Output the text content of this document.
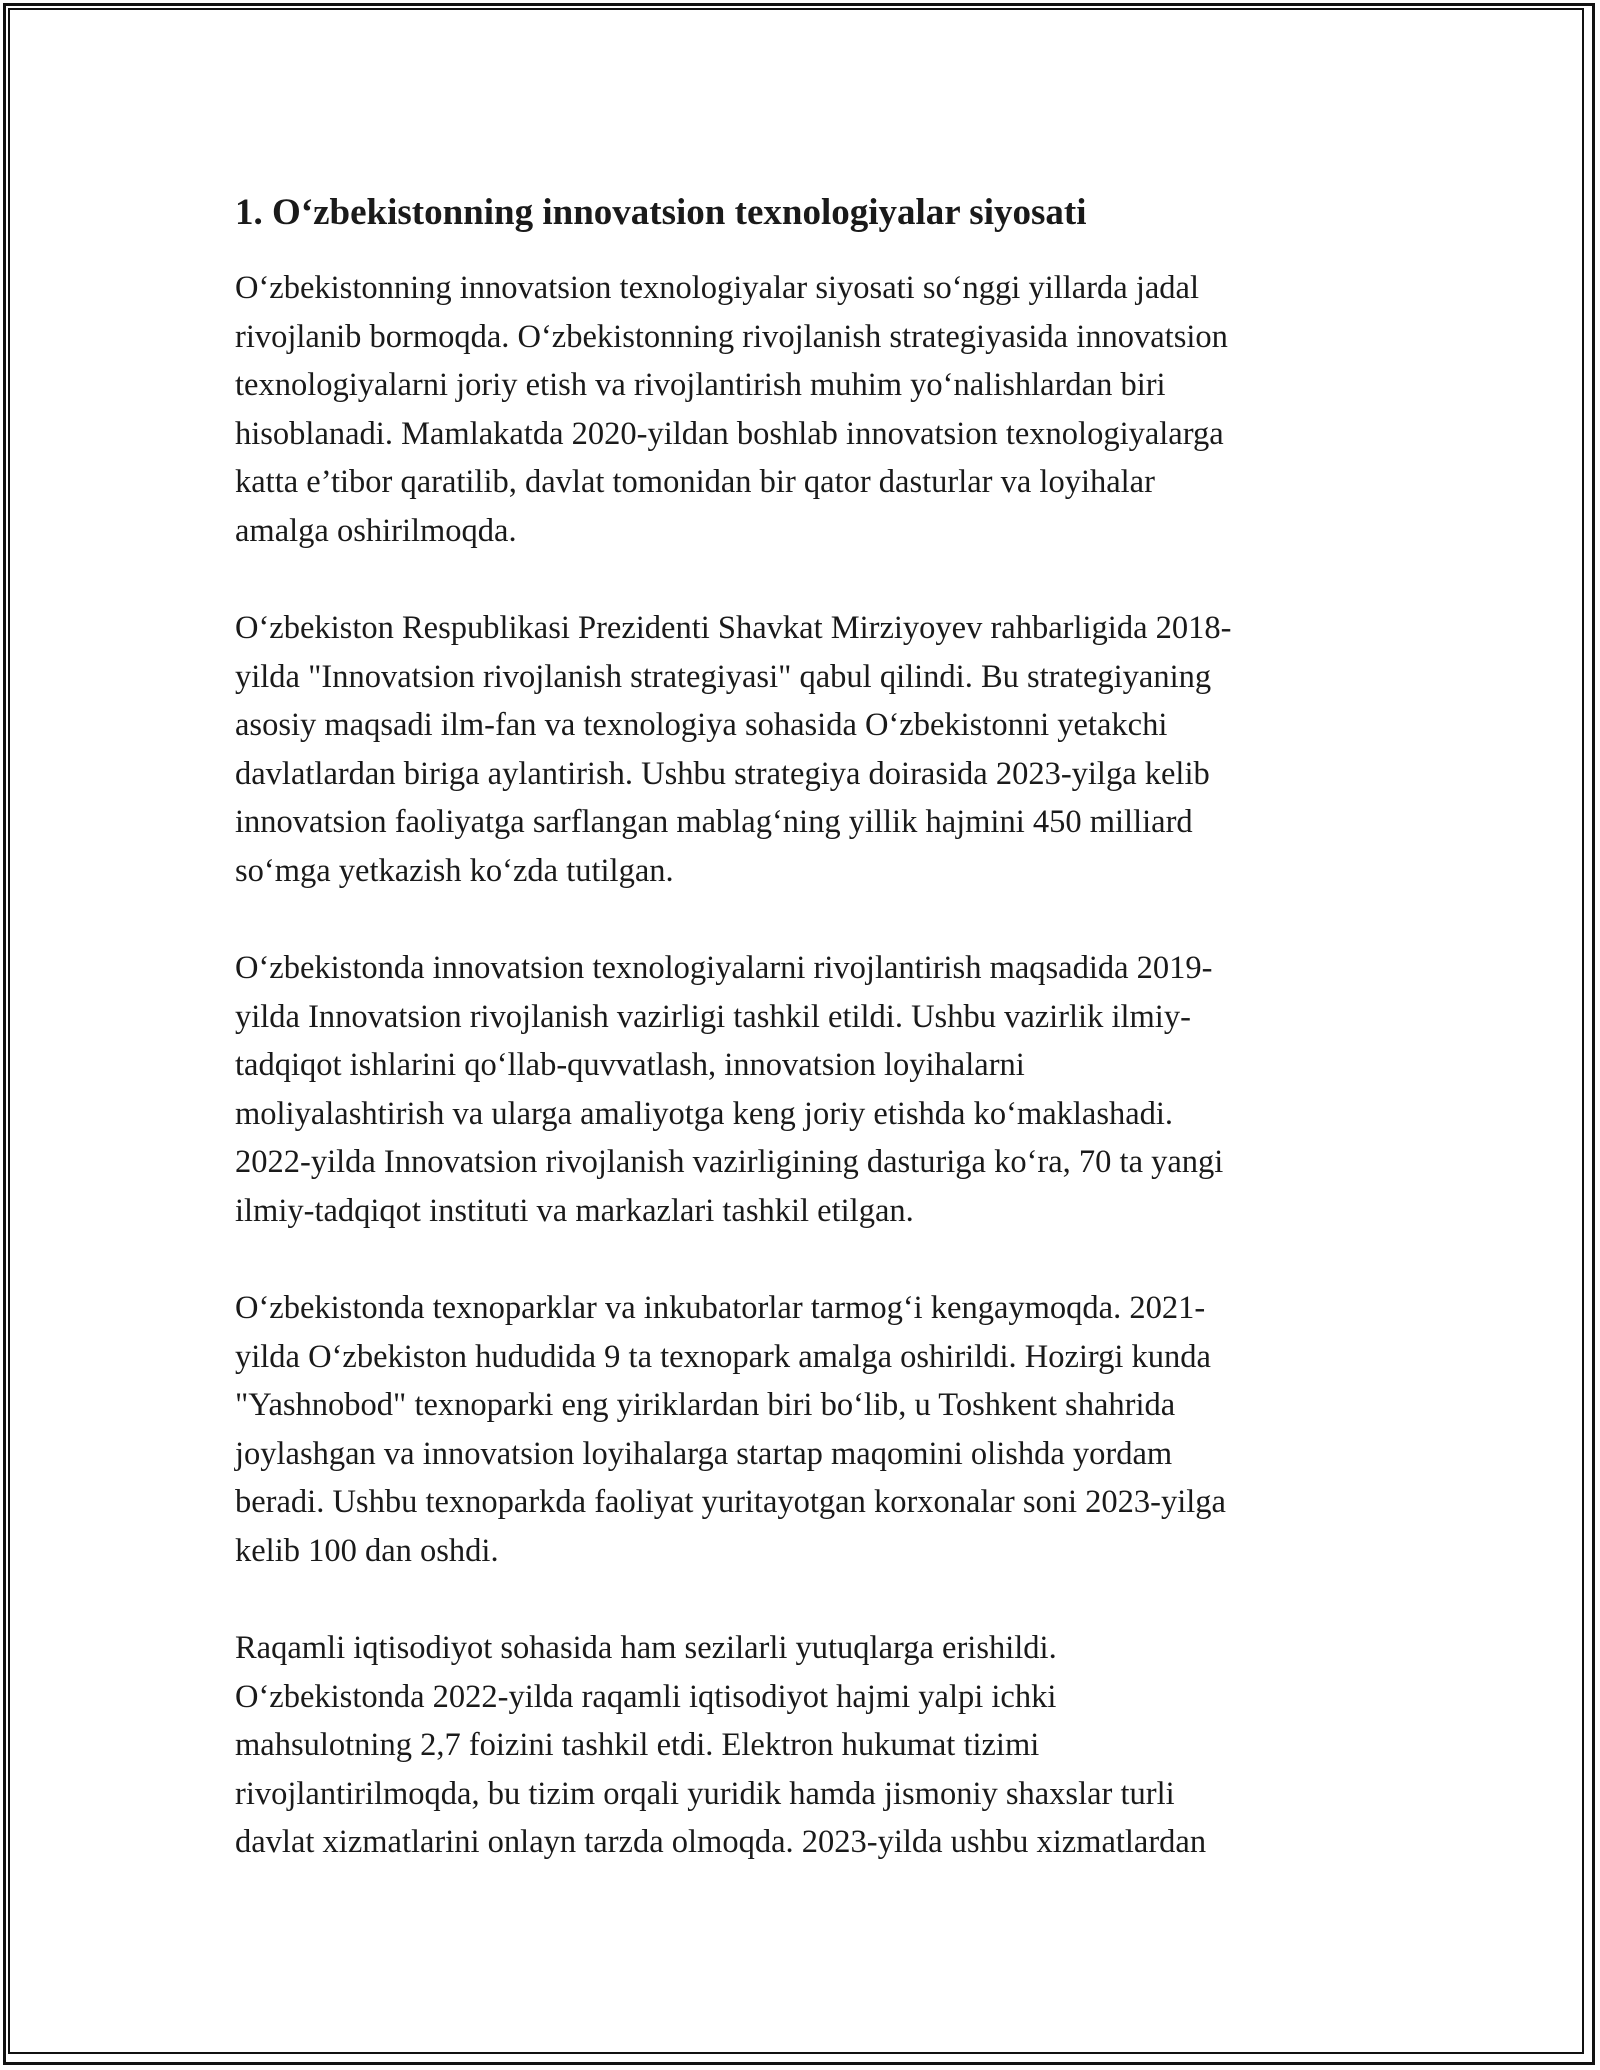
1. O‘zbekistonning innovatsion texnologiyalar siyosati

O‘zbekistonning innovatsion texnologiyalar siyosati so‘nggi yillarda jadal
rivojlanib bormoqda. O‘zbekistonning rivojlanish strategiyasida innovatsion
texnologiyalarni joriy etish va rivojlantirish muhim yo‘nalishlardan biri
hisoblanadi. Mamlakatda 2020-yildan boshlab innovatsion texnologiyalarga
katta e’tibor qaratilib, davlat tomonidan bir qator dasturlar va loyihalar
amalga oshirilmoqda.

O‘zbekiston Respublikasi Prezidenti Shavkat Mirziyoyev rahbarligida 2018-
yilda "Innovatsion rivojlanish strategiyasi" qabul qilindi. Bu strategiyaning
asosiy maqsadi ilm-fan va texnologiya sohasida O‘zbekistonni yetakchi
davlatlardan biriga aylantirish. Ushbu strategiya doirasida 2023-yilga kelib
innovatsion faoliyatga sarflangan mablag‘ning yillik hajmini 450 milliard
so‘mga yetkazish ko‘zda tutilgan.

O‘zbekistonda innovatsion texnologiyalarni rivojlantirish maqsadida 2019-
yilda Innovatsion rivojlanish vazirligi tashkil etildi. Ushbu vazirlik ilmiy-
tadqiqot ishlarini qo‘llab-quvvatlash, innovatsion loyihalarni
moliyalashtirish va ularga amaliyotga keng joriy etishda ko‘maklashadi.
2022-yilda Innovatsion rivojlanish vazirligining dasturiga ko‘ra, 70 ta yangi
ilmiy-tadqiqot instituti va markazlari tashkil etilgan.

O‘zbekistonda texnoparklar va inkubatorlar tarmog‘i kengaymoqda. 2021-
yilda O‘zbekiston hududida 9 ta texnopark amalga oshirildi. Hozirgi kunda
"Yashnobod" texnoparki eng yiriklardan biri bo‘lib, u Toshkent shahrida
joylashgan va innovatsion loyihalarga startap maqomini olishda yordam
beradi. Ushbu texnoparkda faoliyat yuritayotgan korxonalar soni 2023-yilga
kelib 100 dan oshdi.

Raqamli iqtisodiyot sohasida ham sezilarli yutuqlarga erishildi.
O‘zbekistonda 2022-yilda raqamli iqtisodiyot hajmi yalpi ichki
mahsulotning 2,7 foizini tashkil etdi. Elektron hukumat tizimi
rivojlantirilmoqda, bu tizim orqali yuridik hamda jismoniy shaxslar turli
davlat xizmatlarini onlayn tarzda olmoqda. 2023-yilda ushbu xizmatlardan
